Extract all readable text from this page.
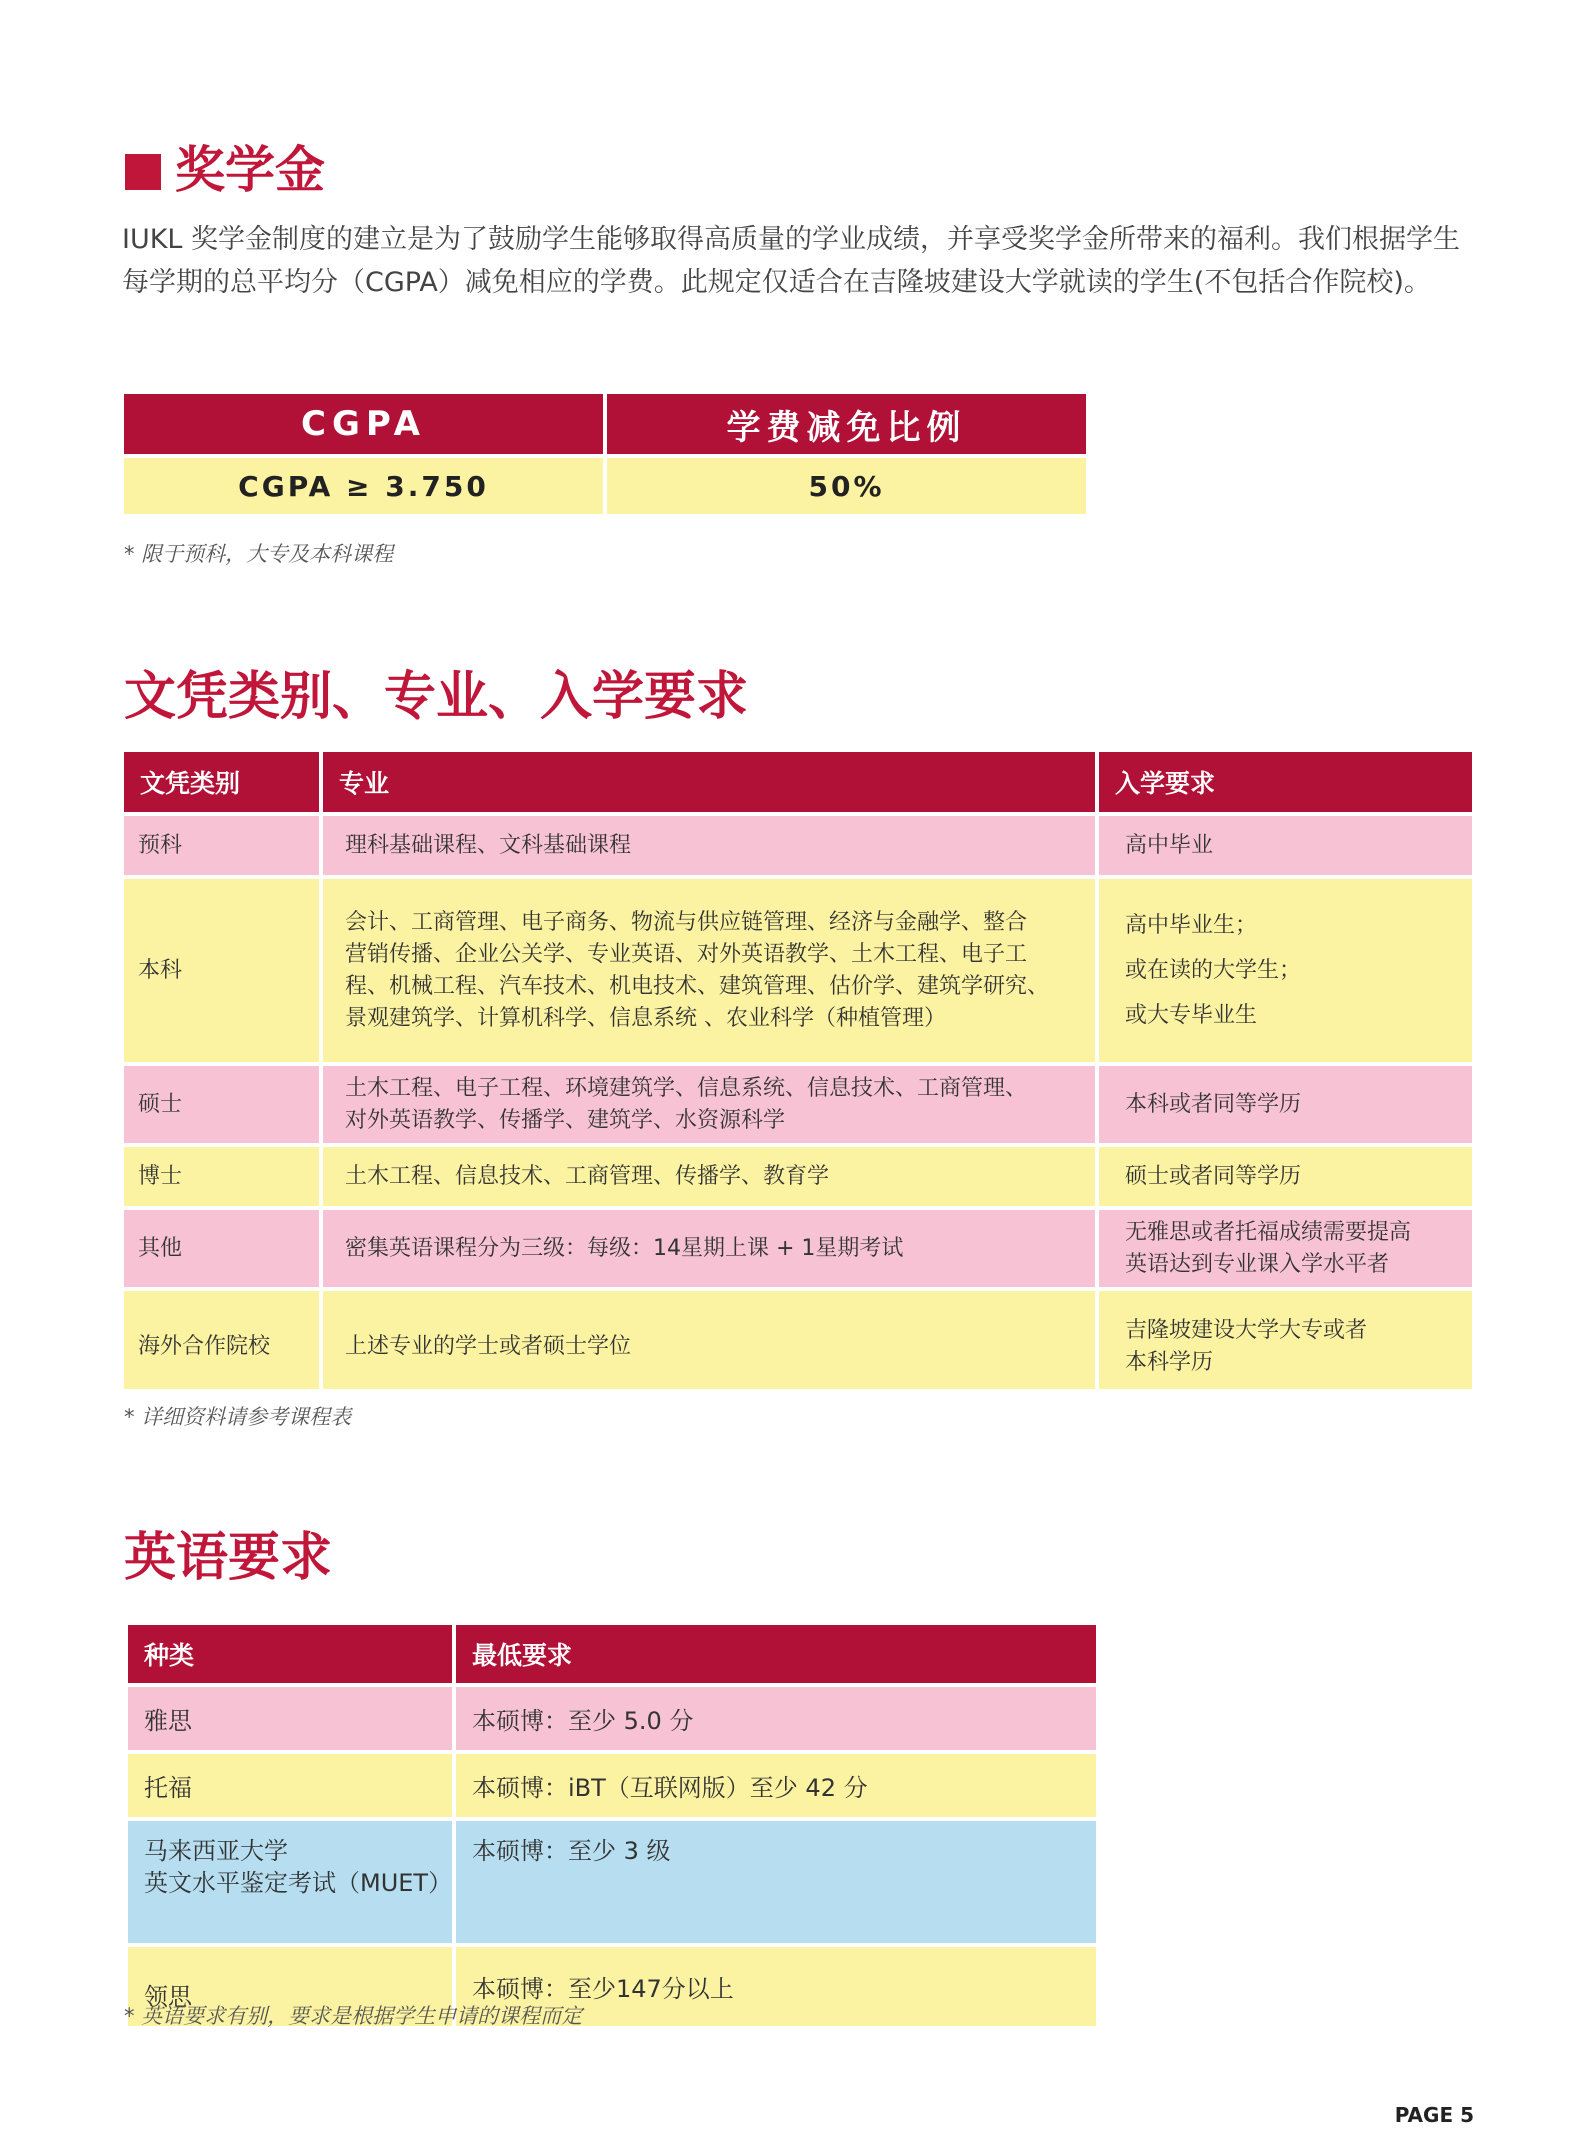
奖学金

IUKL 奖学金制度的建立是为了鼓励学生能够取得高质量的学业成绩，并享受奖学金所带来的福利。我们根据学生每学期的总平均分（CGPA）减免相应的学费。此规定仅适合在吉隆坡建设大学就读的学生(不包括合作院校)。

CGPA	学费减免比例
CGPA ≥ 3.750	50%

* 限于预科，大专及本科课程

文凭类别、专业、入学要求
文凭类别	专业	入学要求
预科	理科基础课程、文科基础课程	高中毕业
本科	会计、工商管理、电子商务、物流与供应链管理、经济与金融学、整合
营销传播、企业公关学、专业英语、对外英语教学、土木工程、电子工
程、机械工程、汽车技术、机电技术、建筑管理、估价学、建筑学研究、
景观建筑学、计算机科学、信息系统 、农业科学（种植管理）	高中毕业生；
或在读的大学生；
或大专毕业生

硕士	土木工程、电子工程、环境建筑学、信息系统、信息技术、工商管理、
对外英语教学、传播学、建筑学、水资源科学	本科或者同等学历
博士	土木工程、信息技术、工商管理、传播学、教育学	硕士或者同等学历
其他	密集英语课程分为三级：每级：14星期上课 + 1星期考试	无雅思或者托福成绩需要提高
英语达到专业课入学水平者

海外合作院校	上述专业的学士或者硕士学位	吉隆坡建设大学大专或者
本科学历

* 详细资料请参考课程表

英语要求
种类	最低要求
雅思	本硕博：至少 5.0 分
托福	本硕博：iBT（互联网版）至少 42 分

马来西亚大学
英文水平鉴定考试（MUET）	本硕博：至少 3 级
领思	本硕博：至少147分以上

* 英语要求有别，要求是根据学生申请的课程而定

PAGE 5
